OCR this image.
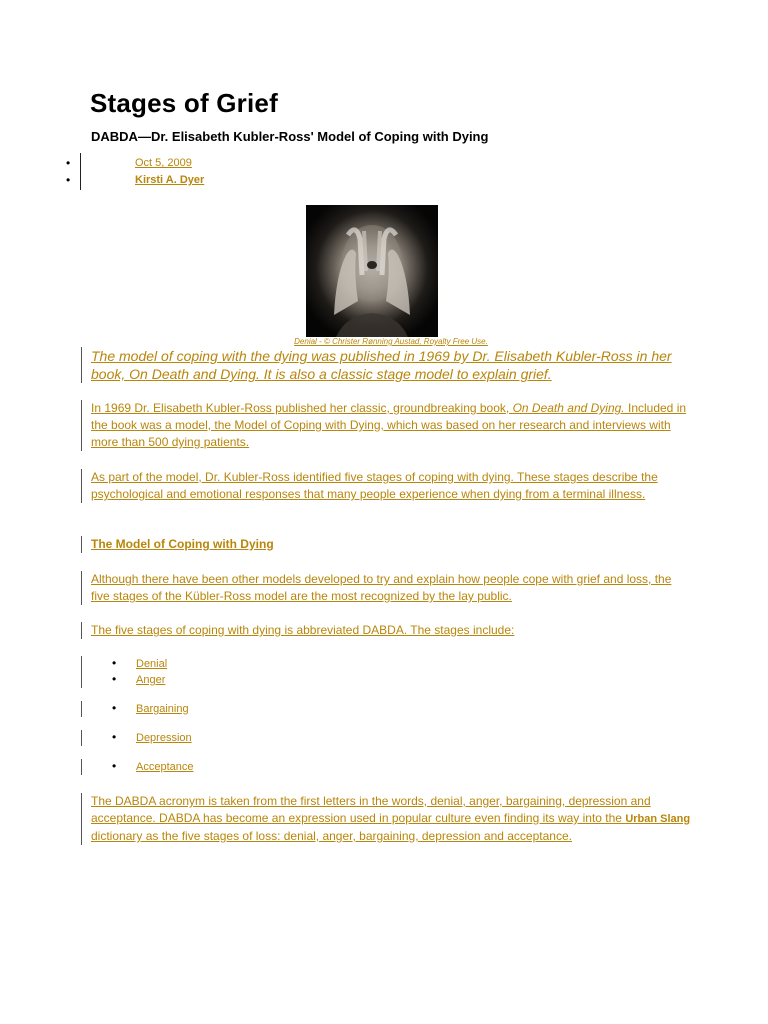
Stages of Grief
DABDA—Dr. Elisabeth Kubler-Ross' Model of Coping with Dying
•	Oct 5, 2009
•	Kirsti A. Dyer
Denial - © Christer Rønning Austad, Royalty Free Use.

The model of coping with the dying was published in 1969 by Dr. Elisabeth Kubler-Ross in her book, On Death and Dying. It is also a classic stage model to explain grief.

In 1969 Dr. Elisabeth Kubler-Ross published her classic, groundbreaking book, On Death and Dying. Included in the book was a model, the Model of Coping with Dying, which was based on her research and interviews with more than 500 dying patients.

As part of the model, Dr. Kubler-Ross identified five stages of coping with dying. These stages describe the psychological and emotional responses that many people experience when dying from a terminal illness.

The Model of Coping with Dying

Although there have been other models developed to try and explain how people cope with grief and loss, the five stages of the Kübler-Ross model are the most recognized by the lay public.

The five stages of coping with dying is abbreviated DABDA. The stages include:

• Denial
• Anger
• Bargaining
• Depression
• Acceptance

The DABDA acronym is taken from the first letters in the words, denial, anger, bargaining, depression and acceptance. DABDA has become an expression used in popular culture even finding its way into the Urban Slang dictionary as the five stages of loss: denial, anger, bargaining, depression and acceptance.
